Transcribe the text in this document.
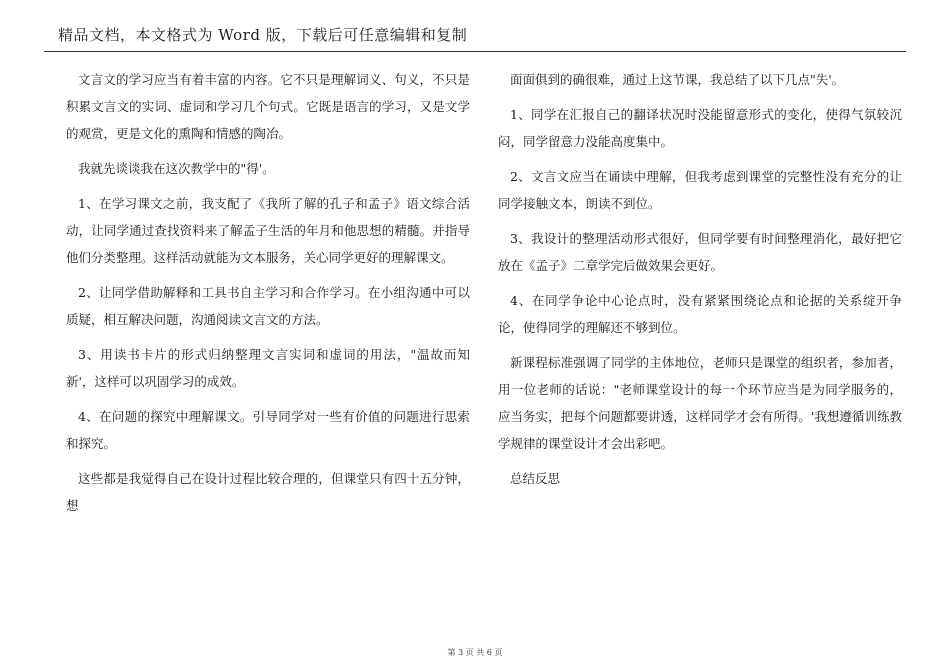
精品文档，本文格式为 Word 版，下载后可任意编辑和复制

文言文的学习应当有着丰富的内容。它不只是理解词义、句义，不只是积累文言文的实词、虚词和学习几个句式。它既是语言的学习，又是文学的观赏，更是文化的熏陶和情感的陶冶。

我就先谈谈我在这次教学中的"得'。

1、在学习课文之前，我支配了《我所了解的孔子和孟子》语文综合活动，让同学通过查找资料来了解孟子生活的年月和他思想的精髓。并指导他们分类整理。这样活动就能为文本服务，关心同学更好的理解课文。

2、让同学借助解释和工具书自主学习和合作学习。在小组沟通中可以质疑，相互解决问题，沟通阅读文言文的方法。

3、用读书卡片的形式归纳整理文言实词和虚词的用法，"温故而知新'，这样可以巩固学习的成效。

4、在问题的探究中理解课文。引导同学对一些有价值的问题进行思索和探究。

这些都是我觉得自己在设计过程比较合理的，但课堂只有四十五分钟，想

面面俱到的确很难，通过上这节课，我总结了以下几点"失'。

1、同学在汇报自己的翻译状况时没能留意形式的变化，使得气氛较沉闷，同学留意力没能高度集中。

2、文言文应当在诵读中理解，但我考虑到课堂的完整性没有充分的让同学接触文本，朗读不到位。

3、我设计的整理活动形式很好，但同学要有时间整理消化，最好把它放在《孟子》二章学完后做效果会更好。

4、在同学争论中心论点时，没有紧紧围绕论点和论据的关系绽开争论，使得同学的理解还不够到位。

新课程标准强调了同学的主体地位，老师只是课堂的组织者，参加者，用一位老师的话说："老师课堂设计的每一个环节应当是为同学服务的，应当务实，把每个问题都要讲透，这样同学才会有所得。'我想遵循训练教学规律的课堂设计才会出彩吧。

总结反思

第 3 页 共 6 页
